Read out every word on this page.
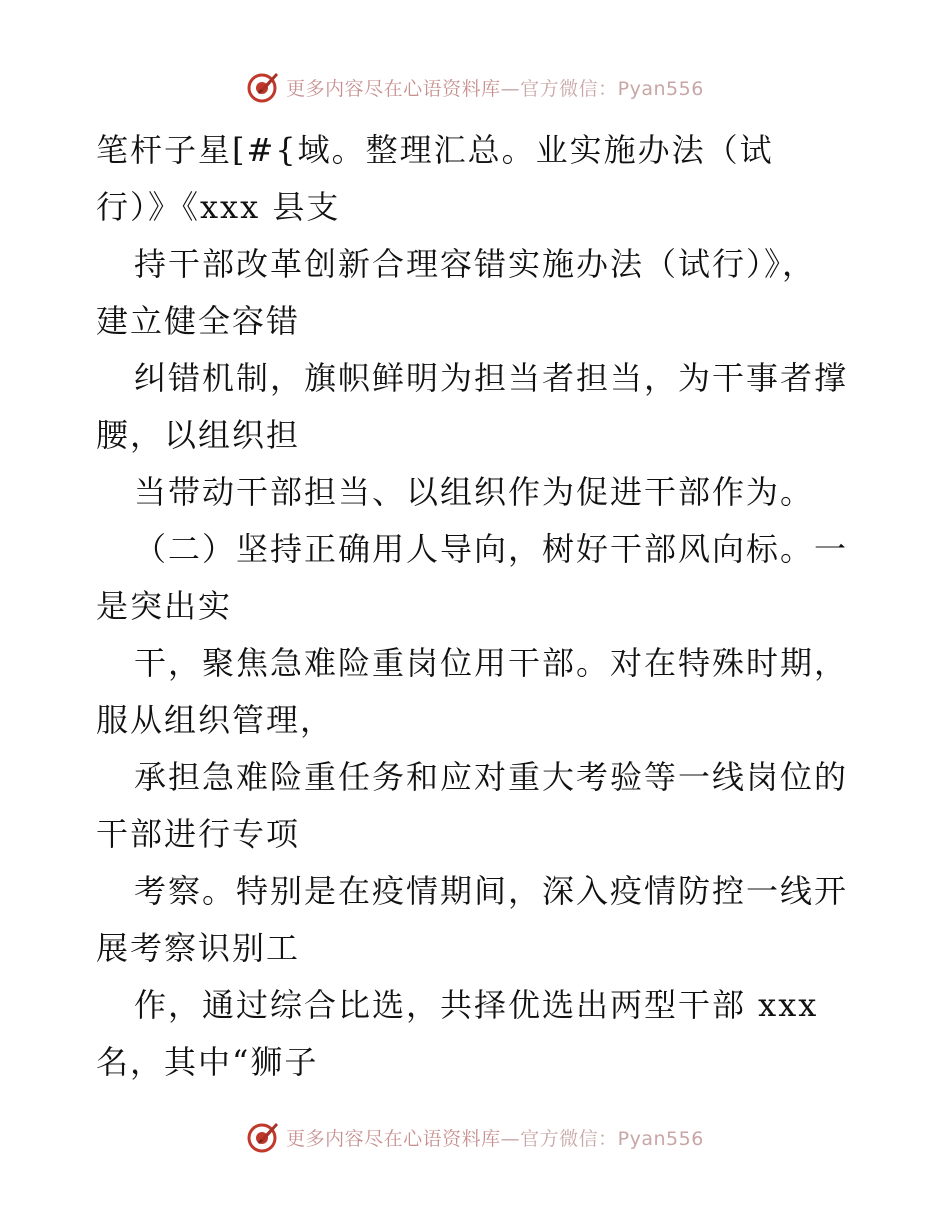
更多内容尽在心语资料库—官方微信：Pyan556
笔杆子星[#{域。整理汇总。业实施办法（试
行）》《xxx 县支
持干部改革创新合理容错实施办法（试行）》，
建立健全容错
纠错机制，旗帜鲜明为担当者担当，为干事者撑
腰，以组织担
当带动干部担当、以组织作为促进干部作为。
（二）坚持正确用人导向，树好干部风向标。一
是突出实
干，聚焦急难险重岗位用干部。对在特殊时期，
服从组织管理，
承担急难险重任务和应对重大考验等一线岗位的
干部进行专项
考察。特别是在疫情期间，深入疫情防控一线开
展考察识别工
作，通过综合比选，共择优选出两型干部 xxx
名，其中“狮子
更多内容尽在心语资料库—官方微信：Pyan556
